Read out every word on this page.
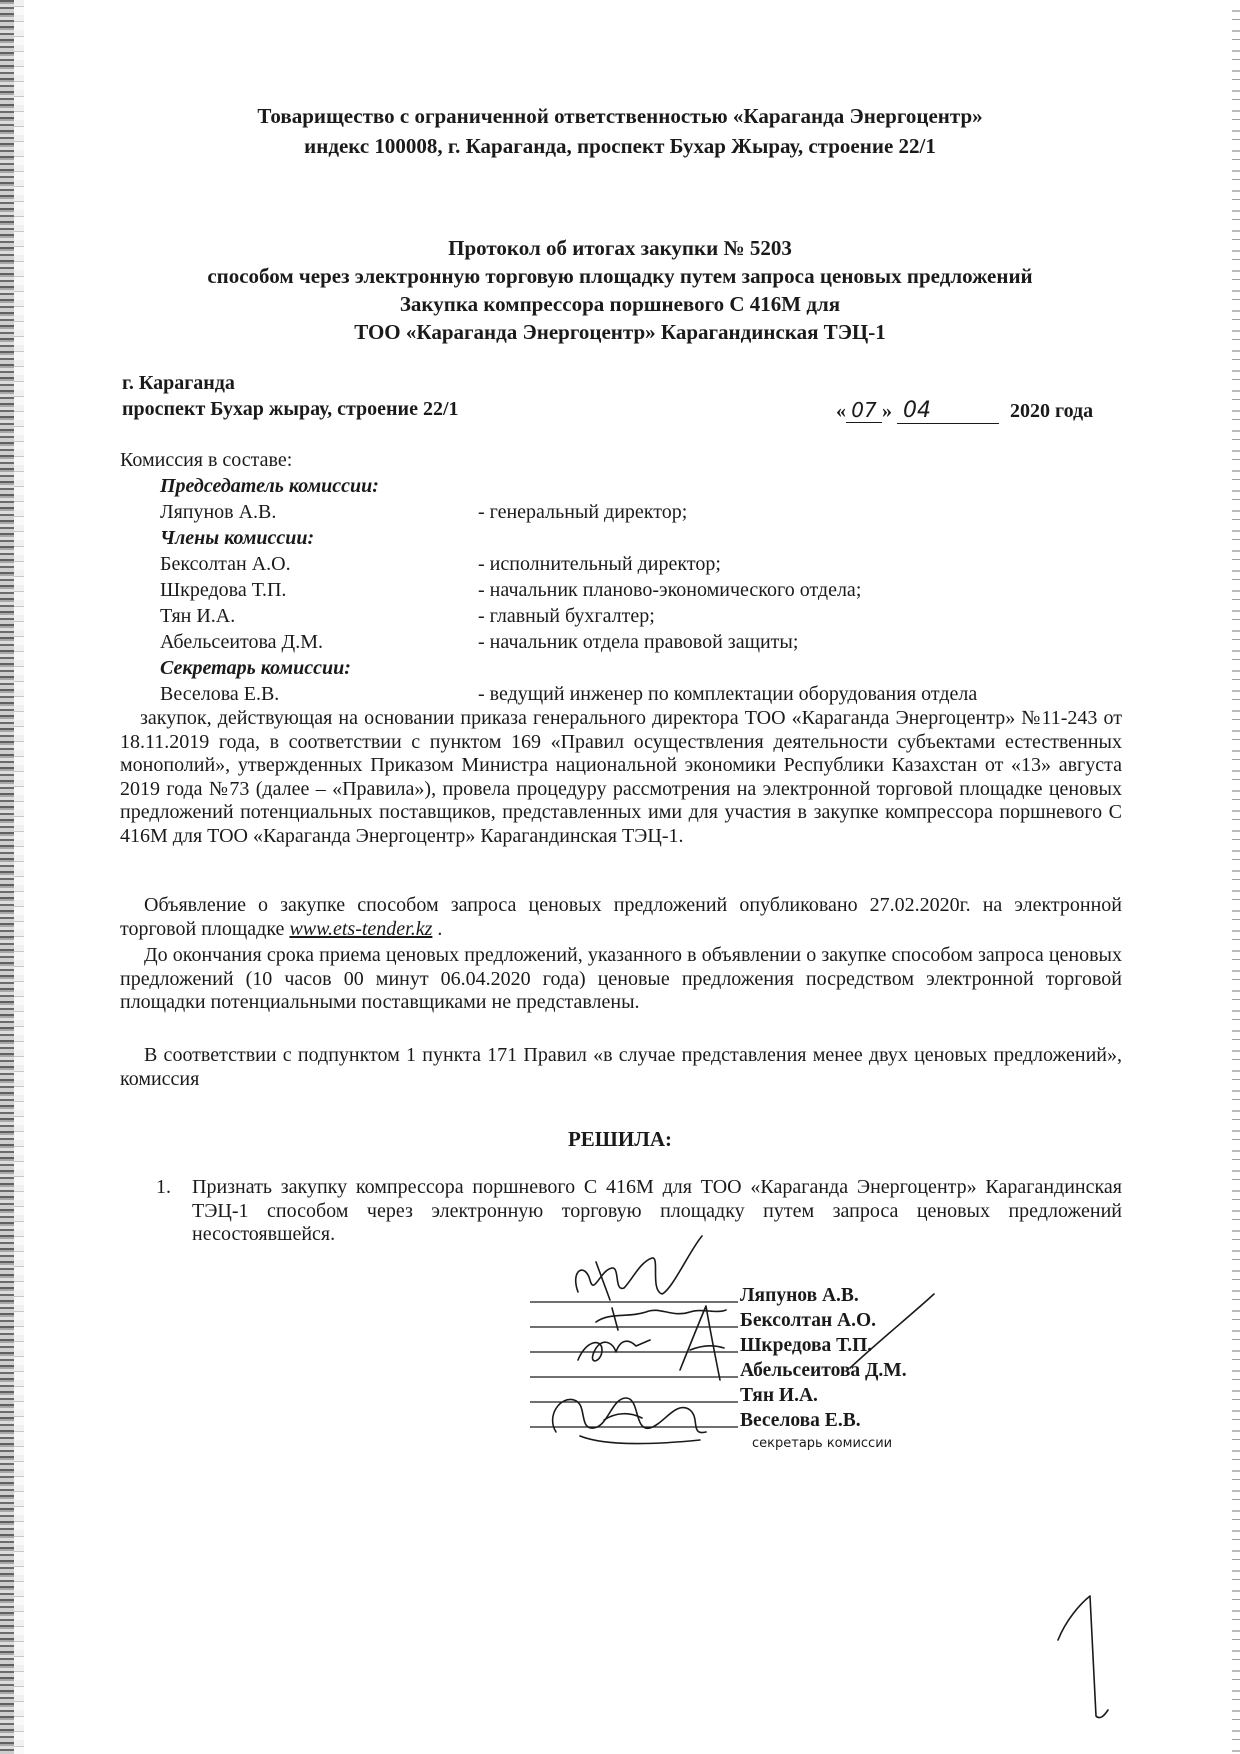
Товарищество с ограниченной ответственностью «Караганда Энергоцентр»
индекс 100008, г. Караганда, проспект Бухар Жырау, строение 22/1
Протокол об итогах закупки № 5203
способом через электронную торговую площадку путем запроса ценовых предложений
Закупка компрессора поршневого С 416М для
ТОО «Караганда Энергоцентр» Карагандинская ТЭЦ-1
г. Караганда
проспект Бухар жырау, строение 22/1	« 07 » 04	2020 года
Комиссия в составе:
Председатель комиссии:
Ляпунов А.В.	- генеральный директор;
Члены комиссии:
Бексолтан А.О.	- исполнительный директор;
Шкредова Т.П.	- начальник планово-экономического отдела;
Тян И.А.	- главный бухгалтер;
Абельсеитова Д.М.	- начальник отдела правовой защиты;
Секретарь комиссии:
Веселова Е.В.	- ведущий инженер по комплектации оборудования отдела
закупок, действующая на основании приказа генерального директора ТОО «Караганда Энергоцентр» №11-243 от 18.11.2019 года, в соответствии с пунктом 169 «Правил осуществления деятельности субъектами естественных монополий», утвержденных Приказом Министра национальной экономики Республики Казахстан от «13» августа 2019 года №73 (далее – «Правила»), провела процедуру рассмотрения на электронной торговой площадке ценовых предложений потенциальных поставщиков, представленных ими для участия в закупке компрессора поршневого С 416М для ТОО «Караганда Энергоцентр» Карагандинская ТЭЦ-1.
Объявление о закупке способом запроса ценовых предложений опубликовано 27.02.2020г. на электронной торговой площадке www.ets-tender.kz .
До окончания срока приема ценовых предложений, указанного в объявлении о закупке способом запроса ценовых предложений (10 часов 00 минут 06.04.2020 года) ценовые предложения посредством электронной торговой площадки потенциальными поставщиками не представлены.
В соответствии с подпунктом 1 пункта 171 Правил «в случае представления менее двух ценовых предложений», комиссия
РЕШИЛА:
1. Признать закупку компрессора поршневого С 416М для ТОО «Караганда Энергоцентр» Карагандинская ТЭЦ-1 способом через электронную торговую площадку путем запроса ценовых предложений несостоявшейся.
Ляпунов А.В.
Бексолтан А.О.
Шкредова Т.П.
Абельсеитова Д.М.
Тян И.А.
Веселова Е.В.
секретарь комиссии
